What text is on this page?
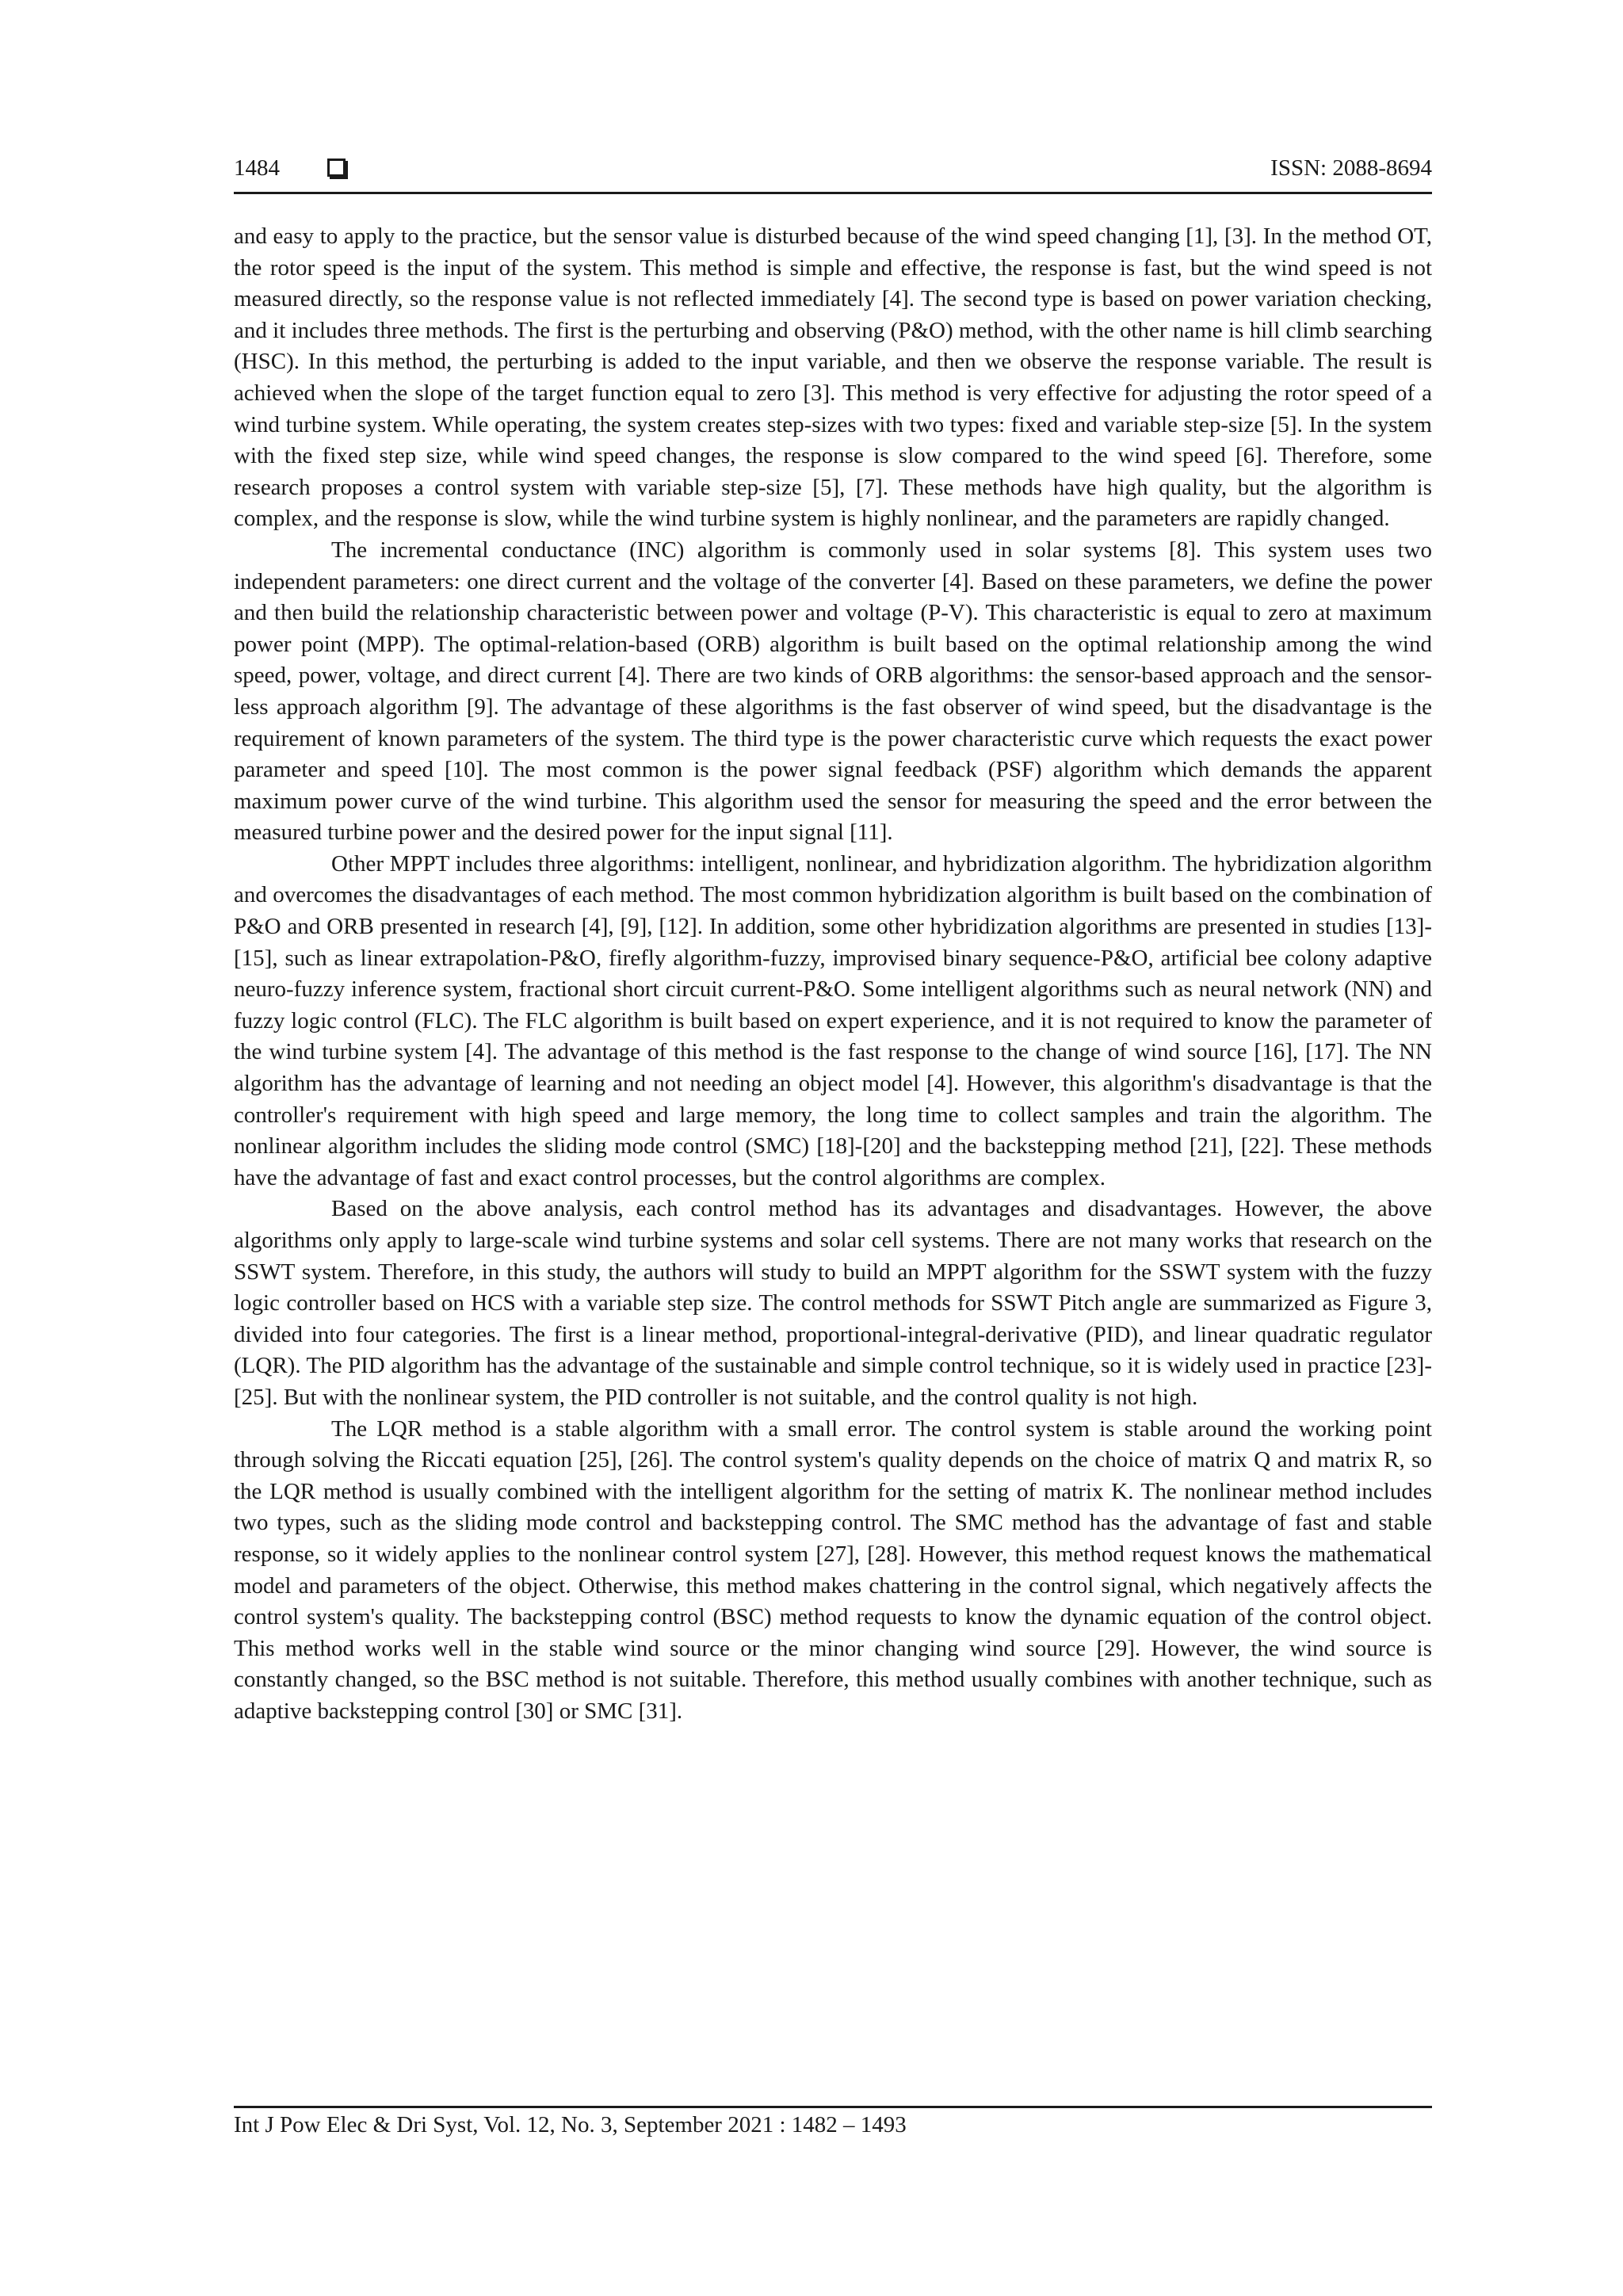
1484	ISSN: 2088-8694

and easy to apply to the practice, but the sensor value is disturbed because of the wind speed changing [1], [3]. In the method OT, the rotor speed is the input of the system. This method is simple and effective, the response is fast, but the wind speed is not measured directly, so the response value is not reflected immediately [4]. The second type is based on power variation checking, and it includes three methods. The first is the perturbing and observing (P&O) method, with the other name is hill climb searching (HSC). In this method, the perturbing is added to the input variable, and then we observe the response variable. The result is achieved when the slope of the target function equal to zero [3]. This method is very effective for adjusting the rotor speed of a wind turbine system. While operating, the system creates step-sizes with two types: fixed and variable step-size [5]. In the system with the fixed step size, while wind speed changes, the response is slow compared to the wind speed [6]. Therefore, some research proposes a control system with variable step-size [5], [7]. These methods have high quality, but the algorithm is complex, and the response is slow, while the wind turbine system is highly nonlinear, and the parameters are rapidly changed.

The incremental conductance (INC) algorithm is commonly used in solar systems [8]. This system uses two independent parameters: one direct current and the voltage of the converter [4]. Based on these parameters, we define the power and then build the relationship characteristic between power and voltage (P-V). This characteristic is equal to zero at maximum power point (MPP). The optimal-relation-based (ORB) algorithm is built based on the optimal relationship among the wind speed, power, voltage, and direct current [4]. There are two kinds of ORB algorithms: the sensor-based approach and the sensor-less approach algorithm [9]. The advantage of these algorithms is the fast observer of wind speed, but the disadvantage is the requirement of known parameters of the system. The third type is the power characteristic curve which requests the exact power parameter and speed [10]. The most common is the power signal feedback (PSF) algorithm which demands the apparent maximum power curve of the wind turbine. This algorithm used the sensor for measuring the speed and the error between the measured turbine power and the desired power for the input signal [11].

Other MPPT includes three algorithms: intelligent, nonlinear, and hybridization algorithm. The hybridization algorithm and overcomes the disadvantages of each method. The most common hybridization algorithm is built based on the combination of P&O and ORB presented in research [4], [9], [12]. In addition, some other hybridization algorithms are presented in studies [13]-[15], such as linear extrapolation-P&O, firefly algorithm-fuzzy, improvised binary sequence-P&O, artificial bee colony adaptive neuro-fuzzy inference system, fractional short circuit current-P&O. Some intelligent algorithms such as neural network (NN) and fuzzy logic control (FLC). The FLC algorithm is built based on expert experience, and it is not required to know the parameter of the wind turbine system [4]. The advantage of this method is the fast response to the change of wind source [16], [17]. The NN algorithm has the advantage of learning and not needing an object model [4]. However, this algorithm's disadvantage is that the controller's requirement with high speed and large memory, the long time to collect samples and train the algorithm. The nonlinear algorithm includes the sliding mode control (SMC) [18]-[20] and the backstepping method [21], [22]. These methods have the advantage of fast and exact control processes, but the control algorithms are complex.

Based on the above analysis, each control method has its advantages and disadvantages. However, the above algorithms only apply to large-scale wind turbine systems and solar cell systems. There are not many works that research on the SSWT system. Therefore, in this study, the authors will study to build an MPPT algorithm for the SSWT system with the fuzzy logic controller based on HCS with a variable step size. The control methods for SSWT Pitch angle are summarized as Figure 3, divided into four categories. The first is a linear method, proportional-integral-derivative (PID), and linear quadratic regulator (LQR). The PID algorithm has the advantage of the sustainable and simple control technique, so it is widely used in practice [23]-[25]. But with the nonlinear system, the PID controller is not suitable, and the control quality is not high.

The LQR method is a stable algorithm with a small error. The control system is stable around the working point through solving the Riccati equation [25], [26]. The control system's quality depends on the choice of matrix Q and matrix R, so the LQR method is usually combined with the intelligent algorithm for the setting of matrix K. The nonlinear method includes two types, such as the sliding mode control and backstepping control. The SMC method has the advantage of fast and stable response, so it widely applies to the nonlinear control system [27], [28]. However, this method request knows the mathematical model and parameters of the object. Otherwise, this method makes chattering in the control signal, which negatively affects the control system's quality. The backstepping control (BSC) method requests to know the dynamic equation of the control object. This method works well in the stable wind source or the minor changing wind source [29]. However, the wind source is constantly changed, so the BSC method is not suitable. Therefore, this method usually combines with another technique, such as adaptive backstepping control [30] or SMC [31].

Int J Pow Elec & Dri Syst, Vol. 12, No. 3, September 2021 : 1482 – 1493
